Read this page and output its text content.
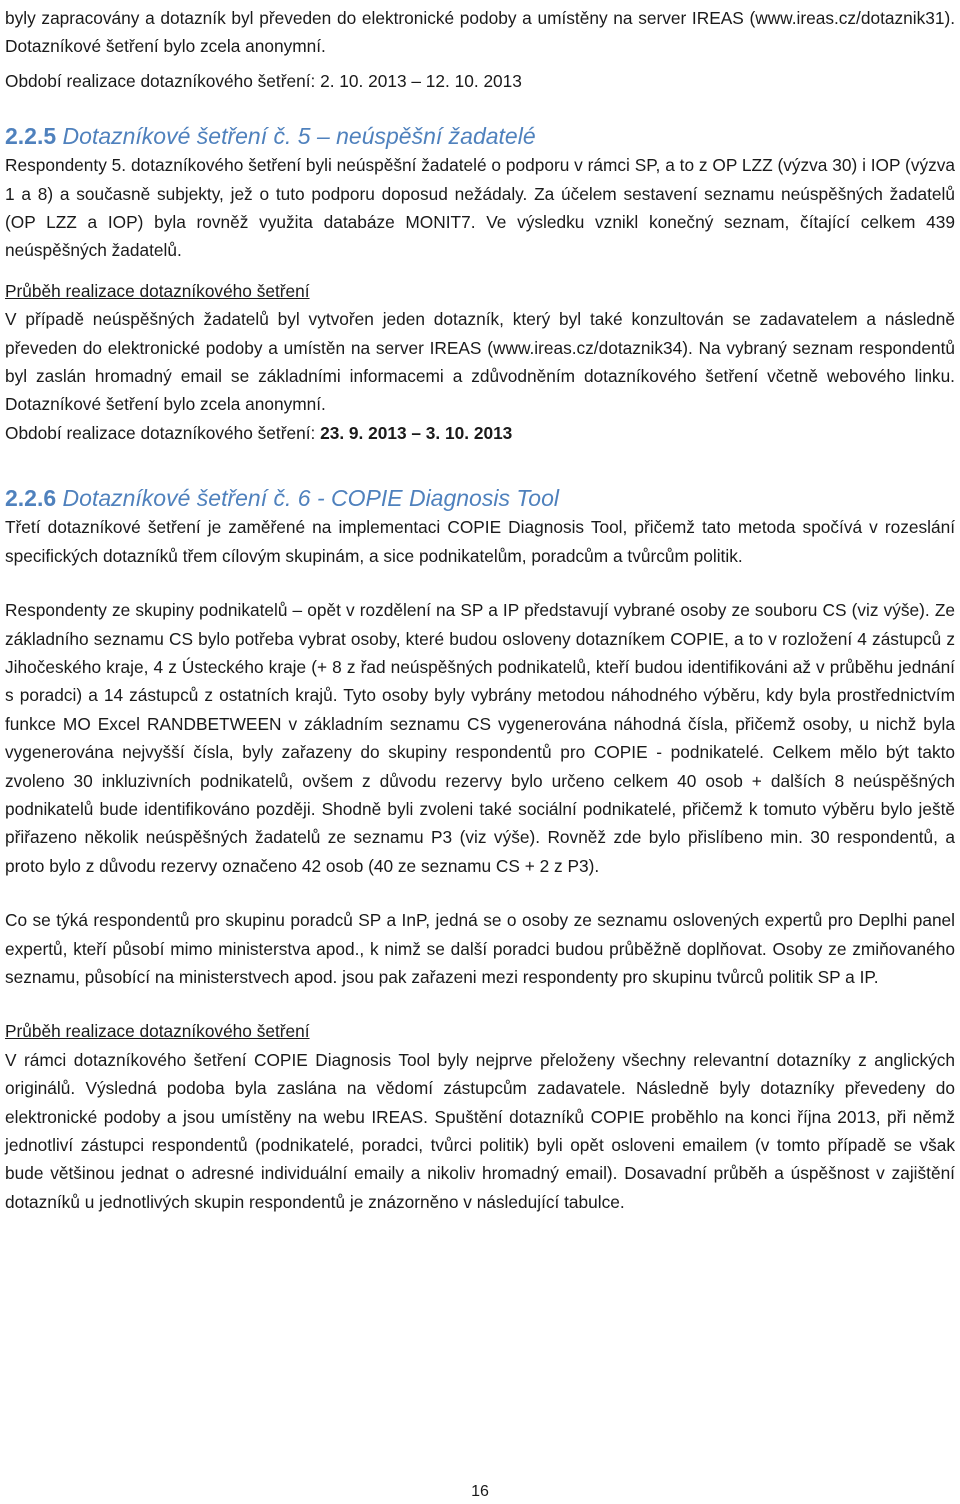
byly zapracovány a dotazník byl převeden do elektronické podoby a umístěny na server IREAS (www.ireas.cz/dotaznik31). Dotazníkové šetření bylo zcela anonymní.

Období realizace dotazníkového šetření: 2. 10. 2013 – 12. 10. 2013

2.2.5 Dotazníkové šetření č. 5 – neúspěšní žadatelé

Respondenty 5. dotazníkového šetření byli neúspěšní žadatelé o podporu v rámci SP, a to z OP LZZ (výzva 30) i IOP (výzva 1 a 8) a současně subjekty, jež o tuto podporu doposud nežádaly. Za účelem sestavení seznamu neúspěšných žadatelů (OP LZZ a IOP) byla rovněž využita databáze MONIT7. Ve výsledku vznikl konečný seznam, čítající celkem 439 neúspěšných žadatelů.

Průběh realizace dotazníkového šetření

V případě neúspěšných žadatelů byl vytvořen jeden dotazník, který byl také konzultován se zadavatelem a následně převeden do elektronické podoby a umístěn na server IREAS (www.ireas.cz/dotaznik34). Na vybraný seznam respondentů byl zaslán hromadný email se základními informacemi a zdůvodněním dotazníkového šetření včetně webového linku. Dotazníkové šetření bylo zcela anonymní.

Období realizace dotazníkového šetření: 23. 9. 2013 – 3. 10. 2013

2.2.6 Dotazníkové šetření č. 6 - COPIE Diagnosis Tool

Třetí dotazníkové šetření je zaměřené na implementaci COPIE Diagnosis Tool, přičemž tato metoda spočívá v rozeslání specifických dotazníků třem cílovým skupinám, a sice podnikatelům, poradcům a tvůrcům politik.

Respondenty ze skupiny podnikatelů – opět v rozdělení na SP a IP představují vybrané osoby ze souboru CS (viz výše). Ze základního seznamu CS bylo potřeba vybrat osoby, které budou osloveny dotazníkem COPIE, a to v rozložení 4 zástupců z Jihočeského kraje, 4 z Ústeckého kraje (+ 8 z řad neúspěšných podnikatelů, kteří budou identifikováni až v průběhu jednání s poradci) a 14 zástupců z ostatních krajů. Tyto osoby byly vybrány metodou náhodného výběru, kdy byla prostřednictvím funkce MO Excel RANDBETWEEN v základním seznamu CS vygenerována náhodná čísla, přičemž osoby, u nichž byla vygenerována nejvyšší čísla, byly zařazeny do skupiny respondentů pro COPIE - podnikatelé. Celkem mělo být takto zvoleno 30 inkluzivních podnikatelů, ovšem z důvodu rezervy bylo určeno celkem 40 osob + dalších 8 neúspěšných podnikatelů bude identifikováno později. Shodně byli zvoleni také sociální podnikatelé, přičemž k tomuto výběru bylo ještě přiřazeno několik neúspěšných žadatelů ze seznamu P3 (viz výše). Rovněž zde bylo přislíbeno min. 30 respondentů, a proto bylo z důvodu rezervy označeno 42 osob (40 ze seznamu CS + 2 z P3).

Co se týká respondentů pro skupinu poradců SP a InP, jedná se o osoby ze seznamu oslovených expertů pro Deplhi panel expertů, kteří působí mimo ministerstva apod., k nimž se další poradci budou průběžně doplňovat. Osoby ze zmiňovaného seznamu, působící na ministerstvech apod. jsou pak zařazeni mezi respondenty pro skupinu tvůrců politik SP a IP.

Průběh realizace dotazníkového šetření

V rámci dotazníkového šetření COPIE Diagnosis Tool byly nejprve přeloženy všechny relevantní dotazníky z anglických originálů. Výsledná podoba byla zaslána na vědomí zástupcům zadavatele. Následně byly dotazníky převedeny do elektronické podoby a jsou umístěny na webu IREAS. Spuštění dotazníků COPIE proběhlo na konci října 2013, při němž jednotliví zástupci respondentů (podnikatelé, poradci, tvůrci politik) byli opět osloveni emailem (v tomto případě se však bude většinou jednat o adresné individuální emaily a nikoliv hromadný email). Dosavadní průběh a úspěšnost v zajištění dotazníků u jednotlivých skupin respondentů je znázorněno v následující tabulce.

16
